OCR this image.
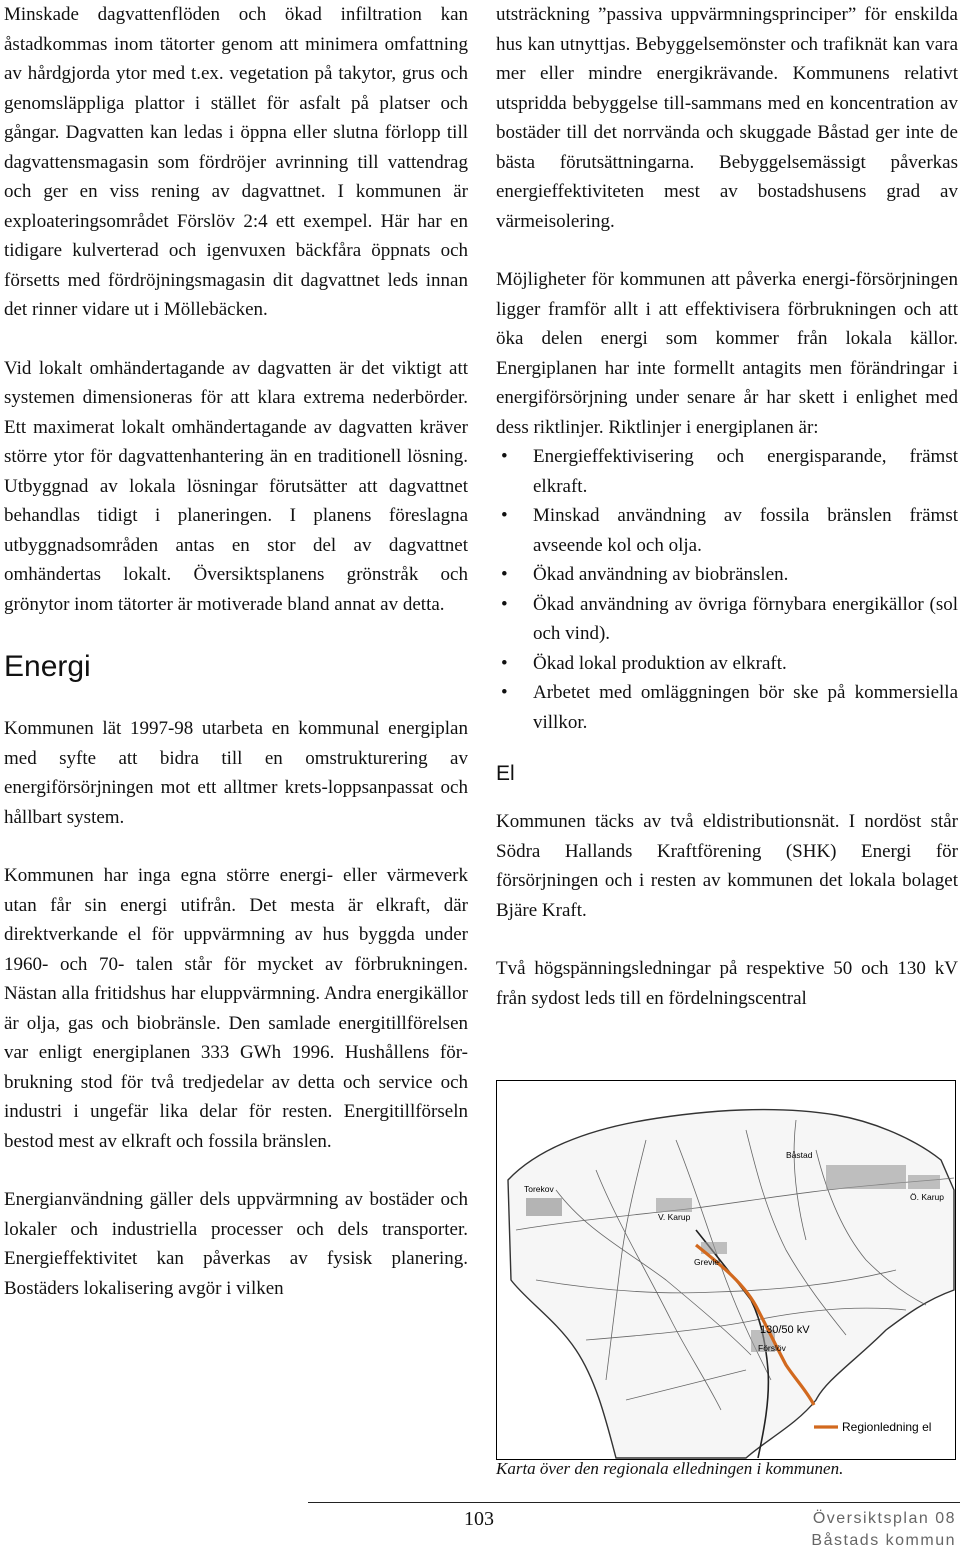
Minskade dagvattenflöden och ökad infiltration kan åstadkommas inom tätorter genom att minimera omfattning av hårdgjorda ytor med t.ex. vegetation på takytor, grus och genomsläppliga plattor i stället för asfalt på platser och gångar. Dagvatten kan ledas i öppna eller slutna förlopp till dagvattensmagasin som fördröjer avrinning till vattendrag och ger en viss rening av dagvattnet. I kommunen är exploateringsområdet Förslöv 2:4 ett exempel. Här har en tidigare kulverterad och igenvuxen bäckfåra öppnats och försetts med fördröjningsmagasin dit dagvattnet leds innan det rinner vidare ut i Möllebäcken.

Vid lokalt omhändertagande av dagvatten är det viktigt att systemen dimensioneras för att klara extrema nederbörder. Ett maximerat lokalt omhändertagande av dagvatten kräver större ytor för dagvattenhantering än en traditionell lösning. Utbyggnad av lokala lösningar förutsätter att dagvattnet behandlas tidigt i planeringen. I planens föreslagna utbyggnadsområden antas en stor del av dagvattnet omhändertas lokalt. Översiktsplanens grönstråk och grönytor inom tätorter är motiverade bland annat av detta.

Energi

Kommunen lät 1997-98 utarbeta en kommunal energiplan med syfte att bidra till en omstrukturering av energiförsörjningen mot ett alltmer krets-loppsanpassat och hållbart system.

Kommunen har inga egna större energi- eller värmeverk utan får sin energi utifrån. Det mesta är elkraft, där direktverkande el för uppvärmning av hus byggda under 1960- och 70- talen står för mycket av förbrukningen. Nästan alla fritidshus har eluppvärmning. Andra energikällor är olja, gas och biobränsle. Den samlade energitillförelsen var enligt energiplanen 333 GWh 1996. Hushållens för-brukning stod för två tredjedelar av detta och service och industri i ungefär lika delar för resten. Energitillförseln bestod mest av elkraft och fossila bränslen.

Energianvändning gäller dels uppvärmning av bostäder och lokaler och industriella processer och dels transporter. Energieffektivitet kan påverkas av fysisk planering. Bostäders lokalisering avgör i vilken

utsträckning ”passiva uppvärmningsprinciper” för enskilda hus kan utnyttjas. Bebyggelsemönster och trafiknät kan vara mer eller mindre energikrävande. Kommunens relativt utspridda bebyggelse till-sammans med en koncentration av bostäder till det norrvända och skuggade Båstad ger inte de bästa förutsättningarna. Bebyggelsemässigt påverkas energieffektiviteten mest av bostadshusens grad av värmeisolering.

Möjligheter för kommunen att påverka energi-försörjningen ligger framför allt i att effektivisera förbrukningen och att öka delen energi som kommer från lokala källor. Energiplanen har inte formellt antagits men förändringar i energiförsörjning under senare år har skett i enlighet med dess riktlinjer. Riktlinjer i energiplanen är:

• Energieffektivisering och energisparande, främst elkraft.
• Minskad användning av fossila bränslen främst avseende kol och olja.
• Ökad användning av biobränslen.
• Ökad användning av övriga förnybara energikällor (sol och vind).
• Ökad lokal produktion av elkraft.
• Arbetet med omläggningen bör ske på kommersiella villkor.
El

Kommunen täcks av två eldistributionsnät. I nordöst står Södra Hallands Kraftförening (SHK) Energi för försörjningen och i resten av kommunen det lokala bolaget Bjäre Kraft.

Två högspänningsledningar på respektive 50 och 130 kV från sydost leds till en fördelningscentral

Torekov
Båstad
V. Karup
Ö. Karup
Grevie
Förslöv
130/50 kV
Regionledning el
Karta över den regionala elledningen i kommunen.
103	Översiktsplan 08
Båstads kommun
